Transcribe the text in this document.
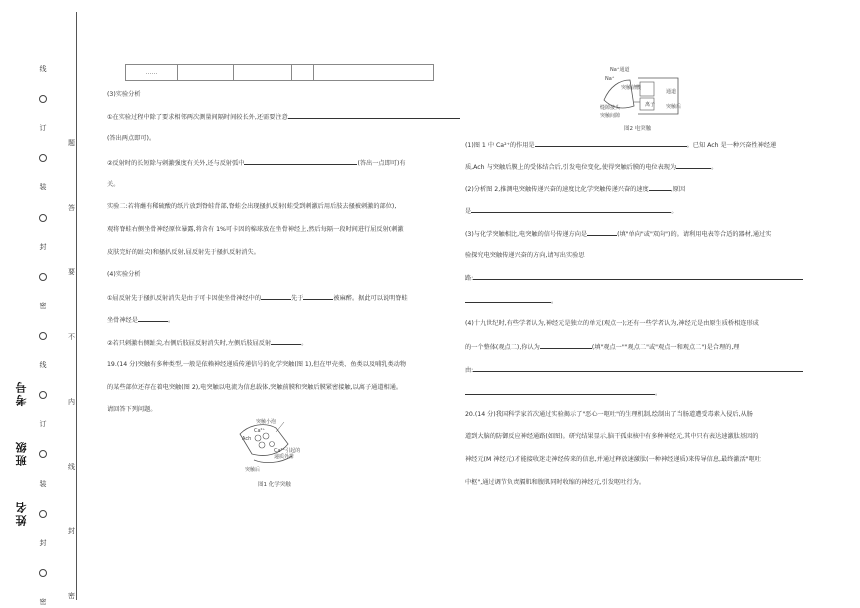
线
订
装
封
密
线
订
装
封
密
题
答
要
不
内
线
封
密
考号
班级
姓名
……
(3)实验分析
①在实验过程中除了要求相邻两次测量间隔时间较长外,还需要注意
(答出两点即可)。
②反射时的长短除与刺激强度有关外,还与反射弧中	(答出一点即可)有
关。
实验二:若将蘸有稀硫酸的纸片放到脊蛙背部,脊蛙会出现搔扒反射(蛙受到刺激后用后肢去搔被刺激的部位),
观将脊蛙右侧坐骨神经原位暴露,将含有 1%可卡因的棉球放在坐骨神经上,然后每隔一段时间进行屈反射(刺激
皮肤完好的趾尖)和搔扒反射,屈反射先于搔扒反射消失。
(4)实验分析
①屈反射先于搔扒反射消失是由于可卡因使坐骨神经中的	先于	被麻醉。据此可以说明脊蛙
坐骨神经是	。
②若只刺激右侧趾尖,右侧后肢屈反射消失时,左侧后肢屈反射	。
19.(14 分)突触有多种类型,一般是依赖神经递质传递信号的化学突触(图 1),但在甲壳类、鱼类以及哺乳类动物
的某些部位还存在着电突触(图 2),电突触以电流为信息载体,突触前膜和突触后膜紧密接触,以离子通道相通。
请回答下列问题。
突触小泡
Ca²⁺
Ach
Ca²⁺引起的递质外排
突触后
图1 化学突触
Na⁺通道
Na⁺
突触前膜
通道
离子 突触后
缝隙接头
突触间隙
图2 电突触
(1)图 1 中 Ca²⁺的作用是	。已知 Ach 是一种兴奋性神经递
质,Ach 与突触后膜上的受体结合后,引发电位变化,使得突触后膜的电位表现为	。
(2)分析图 2,推测电突触传递兴奋的速度比化学突触传递兴奋的速度	,原因
是	。
(3)与化学突触相比,电突触的信号传递方向是	(填"单向"或"双向")的。请利用电表等合适的器材,通过实
验探究电突触传递兴奋的方向,请写出实验思
路:
。
(4)十九世纪时,有些学者认为,神经元是独立的单元(观点一);还有一些学者认为,神经元是由原生质桥相连形成
的一个整体(观点二),你认为	(填"观点一""观点二"或"观点一和观点二")是合理的,理
由:
。
20.(14 分)我国科学家首次通过实验揭示了"恶心一呕吐"的生理机制,绘制出了当肠道遭受毒素入侵后,从肠
道到大脑的防御反应神经通路(如图)。研究结果显示,脑干孤束核中有多种神经元,其中只有表达速激肽基因的
神经元(M 神经元)才能接收迷走神经传来的信息,并通过释放速激肽(一种神经递质)来传导信息,最终激活"呕吐
中枢",通过调节负责膈肌和腹肌同时收缩的神经元,引发呕吐行为。
